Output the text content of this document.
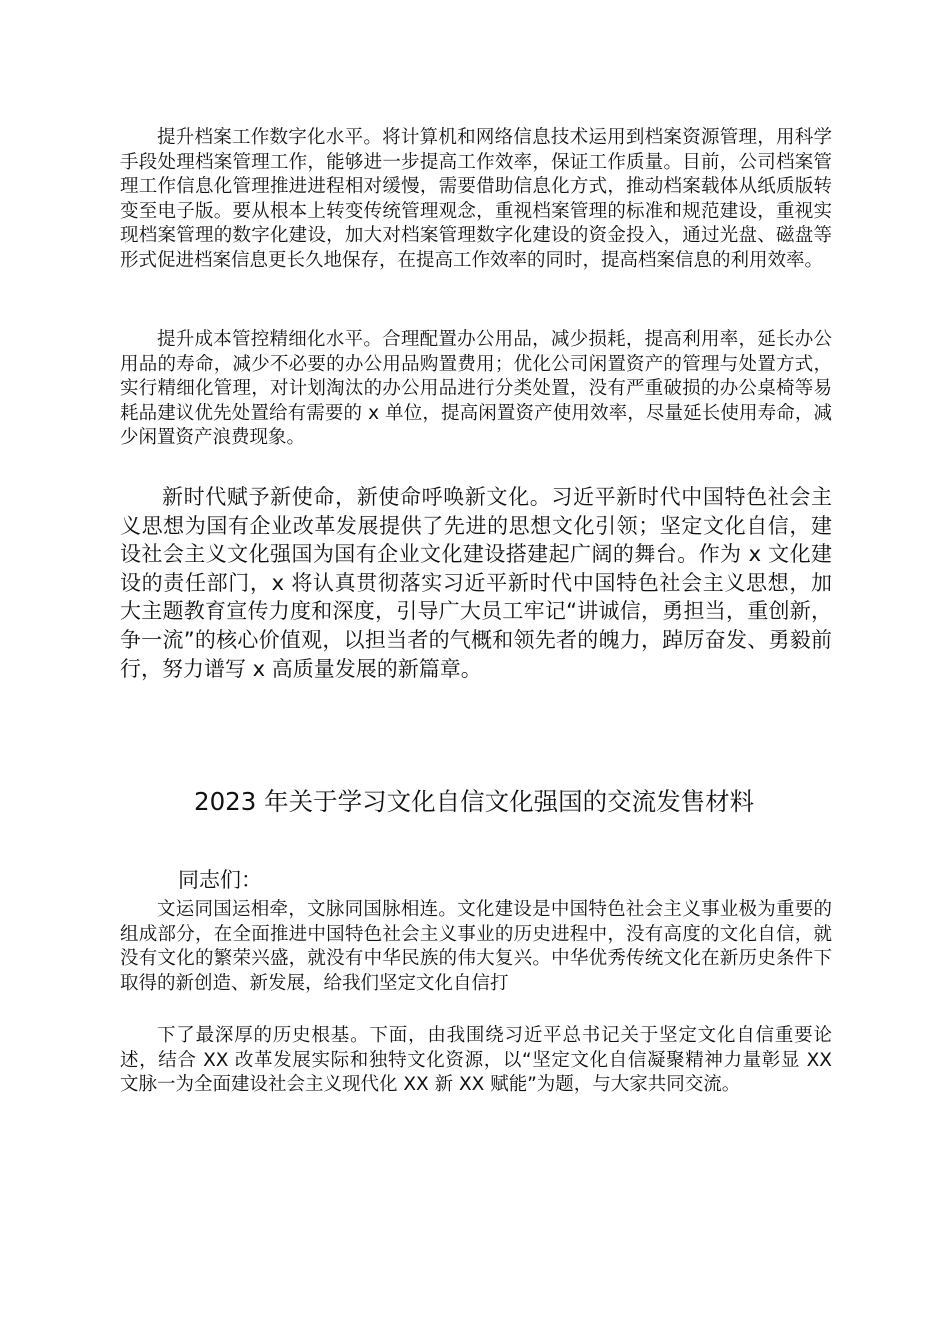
提升档案工作数字化水平。将计算机和网络信息技术运用到档案资源管理，用科学手段处理档案管理工作，能够进一步提高工作效率，保证工作质量。目前，公司档案管理工作信息化管理推进进程相对缓慢，需要借助信息化方式，推动档案载体从纸质版转变至电子版。要从根本上转变传统管理观念，重视档案管理的标准和规范建设，重视实现档案管理的数字化建设，加大对档案管理数字化建设的资金投入，通过光盘、磁盘等形式促进档案信息更长久地保存，在提高工作效率的同时，提高档案信息的利用效率。

提升成本管控精细化水平。合理配置办公用品，减少损耗，提高利用率，延长办公用品的寿命，减少不必要的办公用品购置费用；优化公司闲置资产的管理与处置方式，实行精细化管理，对计划淘汰的办公用品进行分类处置，没有严重破损的办公桌椅等易耗品建议优先处置给有需要的 x 单位，提高闲置资产使用效率，尽量延长使用寿命，减少闲置资产浪费现象。

新时代赋予新使命，新使命呼唤新文化。习近平新时代中国特色社会主义思想为国有企业改革发展提供了先进的思想文化引领；坚定文化自信，建设社会主义文化强国为国有企业文化建设搭建起广阔的舞台。作为 x 文化建设的责任部门，x 将认真贯彻落实习近平新时代中国特色社会主义思想，加大主题教育宣传力度和深度，引导广大员工牢记“讲诚信，勇担当，重创新，争一流”的核心价值观，以担当者的气概和领先者的魄力，踔厉奋发、勇毅前行，努力谱写 x 高质量发展的新篇章。

2023 年关于学习文化自信文化强国的交流发售材料

同志们：

文运同国运相牵，文脉同国脉相连。文化建设是中国特色社会主义事业极为重要的组成部分，在全面推进中国特色社会主义事业的历史进程中，没有高度的文化自信，就没有文化的繁荣兴盛，就没有中华民族的伟大复兴。中华优秀传统文化在新历史条件下取得的新创造、新发展，给我们坚定文化自信打

下了最深厚的历史根基。下面，由我围绕习近平总书记关于坚定文化自信重要论述，结合 XX 改革发展实际和独特文化资源，以“坚定文化自信凝聚精神力量彰显 XX 文脉一为全面建设社会主义现代化 XX 新 XX 赋能”为题，与大家共同交流。
